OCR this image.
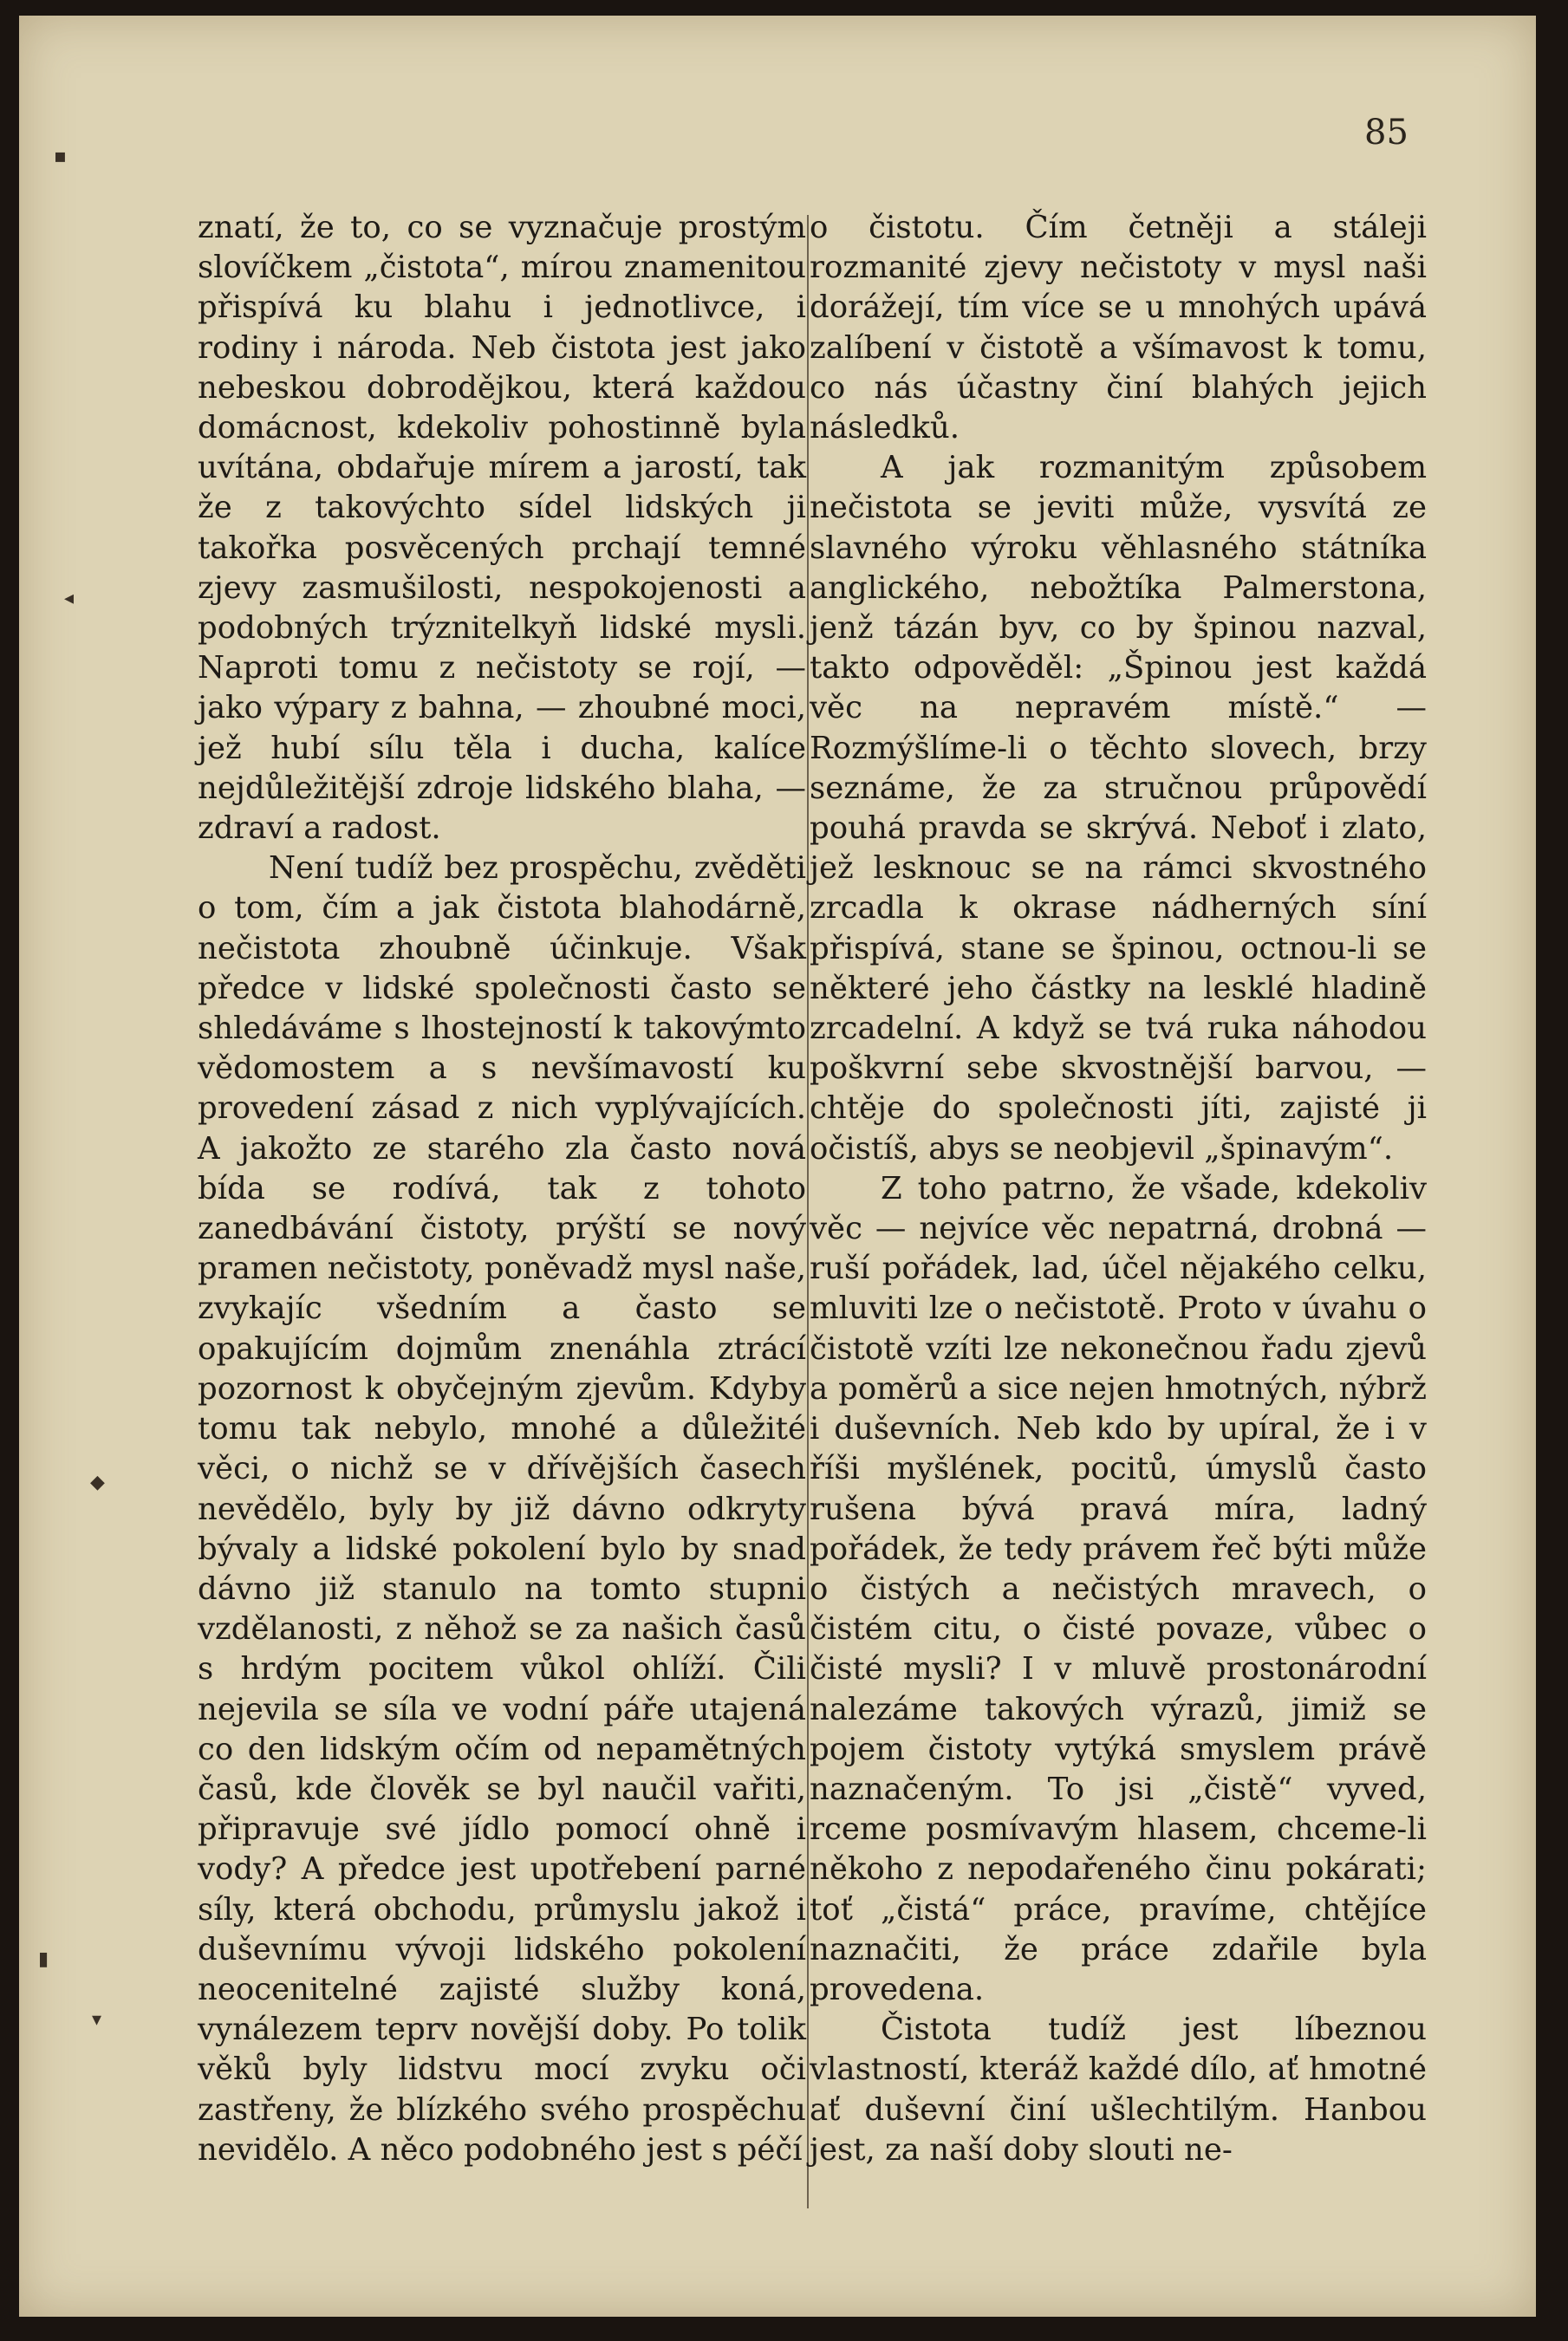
85

znatí, že to, co se vyznačuje prostým slovíčkem „čistota“, mírou znamenitou přispívá ku blahu i jednotlivce, i rodiny i národa. Neb čistota jest jako nebeskou dobrodějkou, která každou domácnost, kdekoliv pohostinně byla uvítána, obdařuje mírem a jarostí, tak že z takovýchto sídel lidských ji takořka posvěcených prchají temné zjevy zasmušilosti, nespokojenosti a podobných trýznitelkyň lidské mysli. Naproti tomu z nečistoty se rojí, — jako výpary z bahna, — zhoubné moci, jež hubí sílu těla i ducha, kalíce nejdůležitější zdroje lidského blaha, — zdraví a radost.

Není tudíž bez prospěchu, zvěděti o tom, čím a jak čistota blahodárně, nečistota zhoubně účinkuje. Však předce v lidské společnosti často se shledáváme s lhostejností k takovýmto vědomostem a s nevšímavostí ku provedení zásad z nich vyplývajících. A jakožto ze starého zla často nová bída se rodívá, tak z tohoto zanedbávání čistoty, prýští se nový pramen nečistoty, poněvadž mysl naše, zvykajíc všedním a často se opakujícím dojmům znenáhla ztrácí pozornost k obyčejným zjevům. Kdyby tomu tak nebylo, mnohé a důležité věci, o nichž se v dřívějších časech nevědělo, byly by již dávno odkryty bývaly a lidské pokolení bylo by snad dávno již stanulo na tomto stupni vzdělanosti, z něhož se za našich časů s hrdým pocitem vůkol ohlíží. Čili nejevila se síla ve vodní páře utajená co den lidským očím od nepamětných časů, kde člověk se byl naučil vařiti, připravuje své jídlo pomocí ohně i vody? A předce jest upotřebení parné síly, která obchodu, průmyslu jakož i duševnímu vývoji lidského pokolení neocenitelné zajisté služby koná, vynálezem teprv novější doby. Po tolik věků byly lidstvu mocí zvyku oči zastřeny, že blízkého svého prospěchu nevidělo. A něco podobného jest s péčí

o čistotu. Čím četněji a stáleji rozmanité zjevy nečistoty v mysl naši dorážejí, tím více se u mnohých upává zalíbení v čistotě a všímavost k tomu, co nás účastny činí blahých jejich následků.

A jak rozmanitým způsobem nečistota se jeviti může, vysvítá ze slavného výroku věhlasného státníka anglického, nebožtíka Palmerstona, jenž tázán byv, co by špinou nazval, takto odpověděl: „Špinou jest každá věc na nepravém místě.“ — Rozmýšlíme-li o těchto slovech, brzy seznáme, že za stručnou průpovědí pouhá pravda se skrývá. Neboť i zlato, jež lesknouc se na rámci skvostného zrcadla k okrase nádherných síní přispívá, stane se špinou, octnou-li se některé jeho částky na lesklé hladině zrcadelní. A když se tvá ruka náhodou poškvrní sebe skvostnější barvou, — chtěje do společnosti jíti, zajisté ji očistíš, abys se neobjevil „špinavým“.

Z toho patrno, že všade, kdekoliv věc — nejvíce věc nepatrná, drobná — ruší pořádek, lad, účel nějakého celku, mluviti lze o nečistotě. Proto v úvahu o čistotě vzíti lze nekonečnou řadu zjevů a poměrů a sice nejen hmotných, nýbrž i duševních. Neb kdo by upíral, že i v říši myšlének, pocitů, úmyslů často rušena bývá pravá míra, ladný pořádek, že tedy právem řeč býti může o čistých a nečistých mravech, o čistém citu, o čisté povaze, vůbec o čisté mysli? I v mluvě prostonárodní nalezáme takových výrazů, jimiž se pojem čistoty vytýká smyslem právě naznačeným. To jsi „čistě“ vyved, rceme posmívavým hlasem, chceme-li někoho z nepodařeného činu pokárati; toť „čistá“ práce, pravíme, chtějíce naznačiti, že práce zdařile byla provedena.

Čistota tudíž jest líbeznou vlastností, kteráž každé dílo, ať hmotné ať duševní činí ušlechtilým. Hanbou jest, za naší doby slouti ne-

▪
◂
◆
▮
▾
